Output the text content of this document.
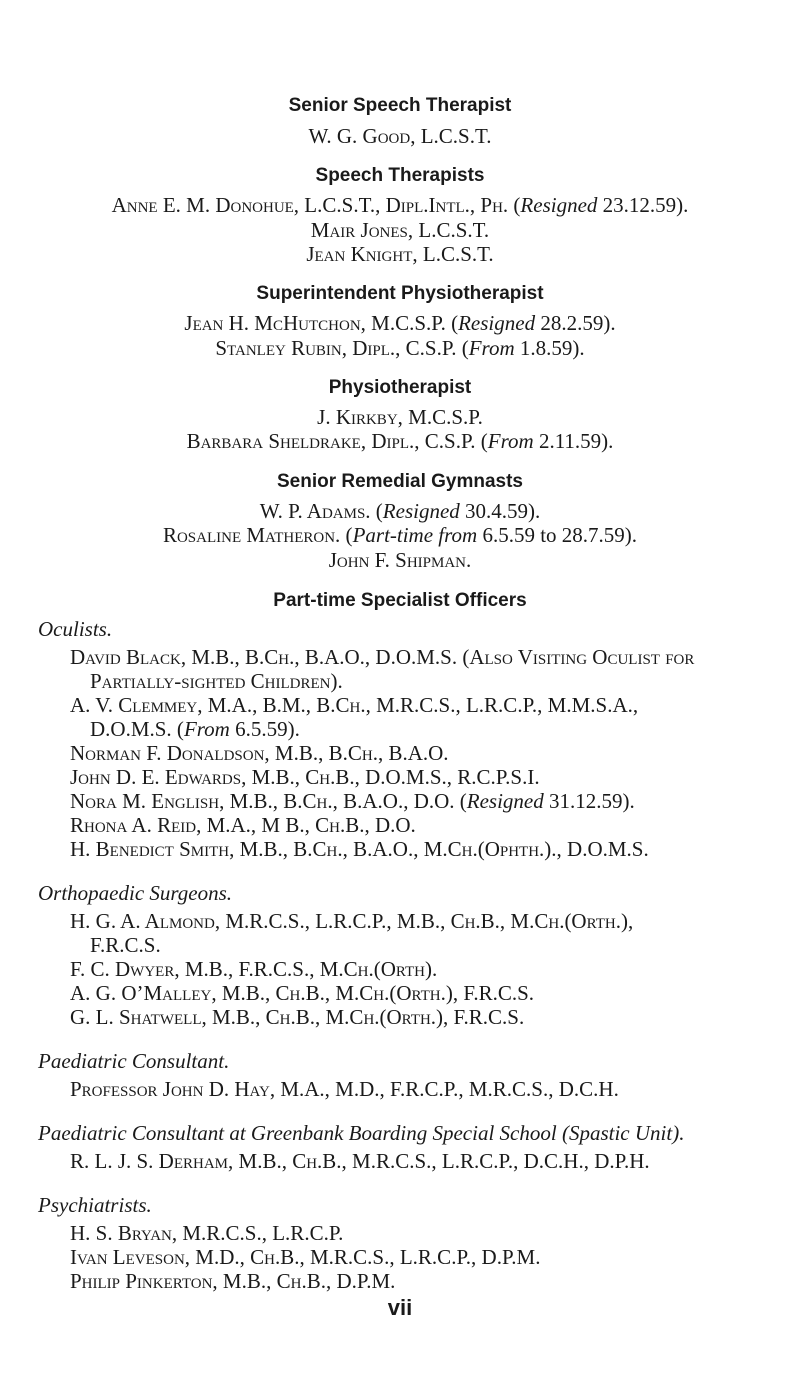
Senior Speech Therapist
W. G. Good, L.C.S.T.
Speech Therapists
Anne E. M. Donohue, L.C.S.T., Dipl.Intl., Ph. (Resigned 23.12.59).
Mair Jones, L.C.S.T.
Jean Knight, L.C.S.T.
Superintendent Physiotherapist
Jean H. McHutchon, M.C.S.P. (Resigned 28.2.59).
Stanley Rubin, Dipl., C.S.P. (From 1.8.59).
Physiotherapist
J. Kirkby, M.C.S.P.
Barbara Sheldrake, Dipl., C.S.P. (From 2.11.59).
Senior Remedial Gymnasts
W. P. Adams. (Resigned 30.4.59).
Rosaline Matheron. (Part-time from 6.5.59 to 28.7.59).
John F. Shipman.
Part-time Specialist Officers
Oculists.
David Black, M.B., B.Ch., B.A.O., D.O.M.S. (Also Visiting Oculist for
Partially-sighted Children).
A. V. Clemmey, M.A., B.M., B.Ch., M.R.C.S., L.R.C.P., M.M.S.A.,
D.O.M.S. (From 6.5.59).
Norman F. Donaldson, M.B., B.Ch., B.A.O.
John D. E. Edwards, M.B., Ch.B., D.O.M.S., R.C.P.S.I.
Nora M. English, M.B., B.Ch., B.A.O., D.O. (Resigned 31.12.59).
Rhona A. Reid, M.A., M B., Ch.B., D.O.
H. Benedict Smith, M.B., B.Ch., B.A.O., M.Ch.(Ophth.)., D.O.M.S.
Orthopaedic Surgeons.
H. G. A. Almond, M.R.C.S., L.R.C.P., M.B., Ch.B., M.Ch.(Orth.),
F.R.C.S.
F. C. Dwyer, M.B., F.R.C.S., M.Ch.(Orth).
A. G. O’Malley, M.B., Ch.B., M.Ch.(Orth.), F.R.C.S.
G. L. Shatwell, M.B., Ch.B., M.Ch.(Orth.), F.R.C.S.
Paediatric Consultant.
Professor John D. Hay, M.A., M.D., F.R.C.P., M.R.C.S., D.C.H.
Paediatric Consultant at Greenbank Boarding Special School (Spastic Unit).
R. L. J. S. Derham, M.B., Ch.B., M.R.C.S., L.R.C.P., D.C.H., D.P.H.
Psychiatrists.
H. S. Bryan, M.R.C.S., L.R.C.P.
Ivan Leveson, M.D., Ch.B., M.R.C.S., L.R.C.P., D.P.M.
Philip Pinkerton, M.B., Ch.B., D.P.M.
vii
